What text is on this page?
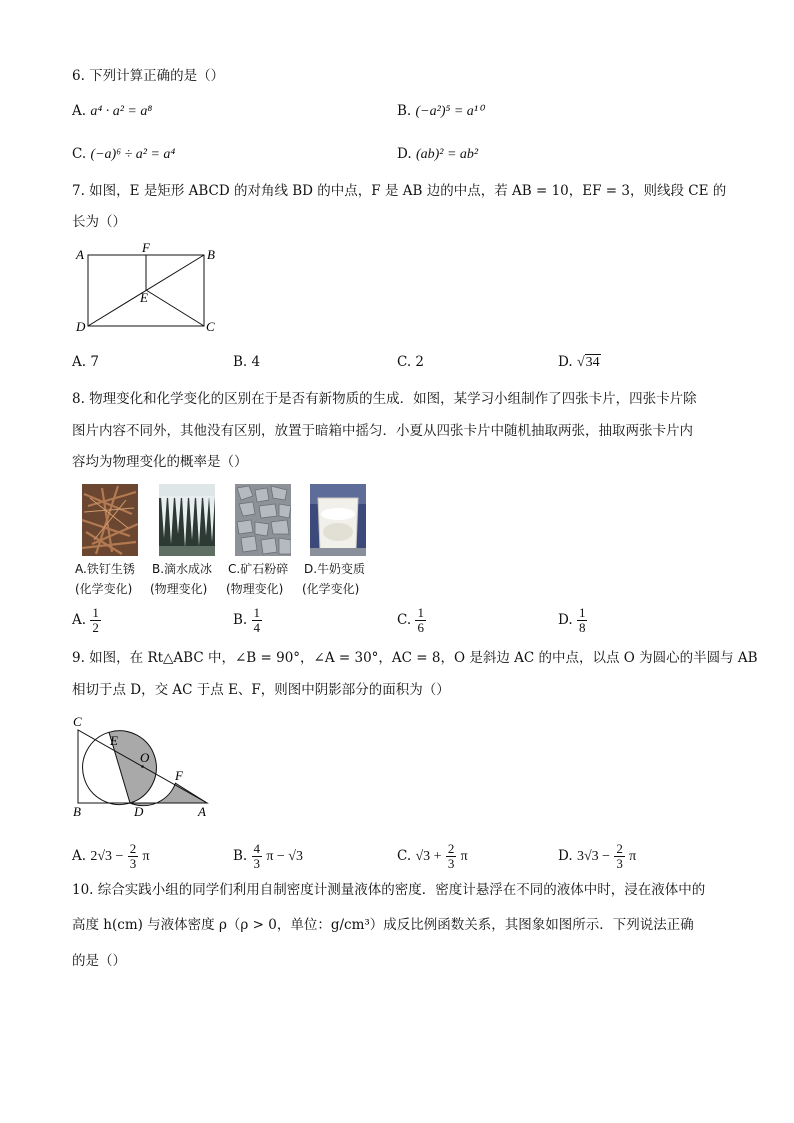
6. 下列计算正确的是（）
A. a⁴ · a² = a⁸	B. (−a²)⁵ = a¹⁰
C. (−a)⁶ ÷ a² = a⁴	D. (ab)² = ab²
7. 如图，E 是矩形 ABCD 的对角线 BD 的中点，F 是 AB 边的中点，若 AB = 10，EF = 3，则线段 CE 的
长为（）
A	F	B
E
D	C
A. 7	B. 4	C. 2	D. √34
8. 物理变化和化学变化的区别在于是否有新物质的生成．如图，某学习小组制作了四张卡片，四张卡片除
图片内容不同外，其他没有区别，放置于暗箱中摇匀．小夏从四张卡片中随机抽取两张，抽取两张卡片内
容均为物理变化的概率是（）
A.铁钉生锈
(化学变化)
B.滴水成冰
(物理变化)
C.矿石粉碎
(物理变化)
D.牛奶变质
(化学变化)
A. $\frac{1}{2}$	B. $\frac{1}{4}$	C. $\frac{1}{6}$	D. $\frac{1}{8}$
9. 如图，在 Rt△ABC 中，∠B = 90°，∠A = 30°，AC = 8，O 是斜边 AC 的中点，以点 O 为圆心的半圆与 AB
相切于点 D，交 AC 于点 E、F，则图中阴影部分的面积为（）
C
E
O
F
B	D	A
A. $2√3 - \frac{2}{3}$ π	B. $\frac{4}{3}$ π − √3	C. $√3 + \frac{2}{3}$ π	D. $3√3 - \frac{2}{3}$ π
10. 综合实践小组的同学们利用自制密度计测量液体的密度．密度计悬浮在不同的液体中时，浸在液体中的
高度 h(cm) 与液体密度 ρ（ρ > 0，单位：g/cm³）成反比例函数关系，其图象如图所示．下列说法正确
的是（）
